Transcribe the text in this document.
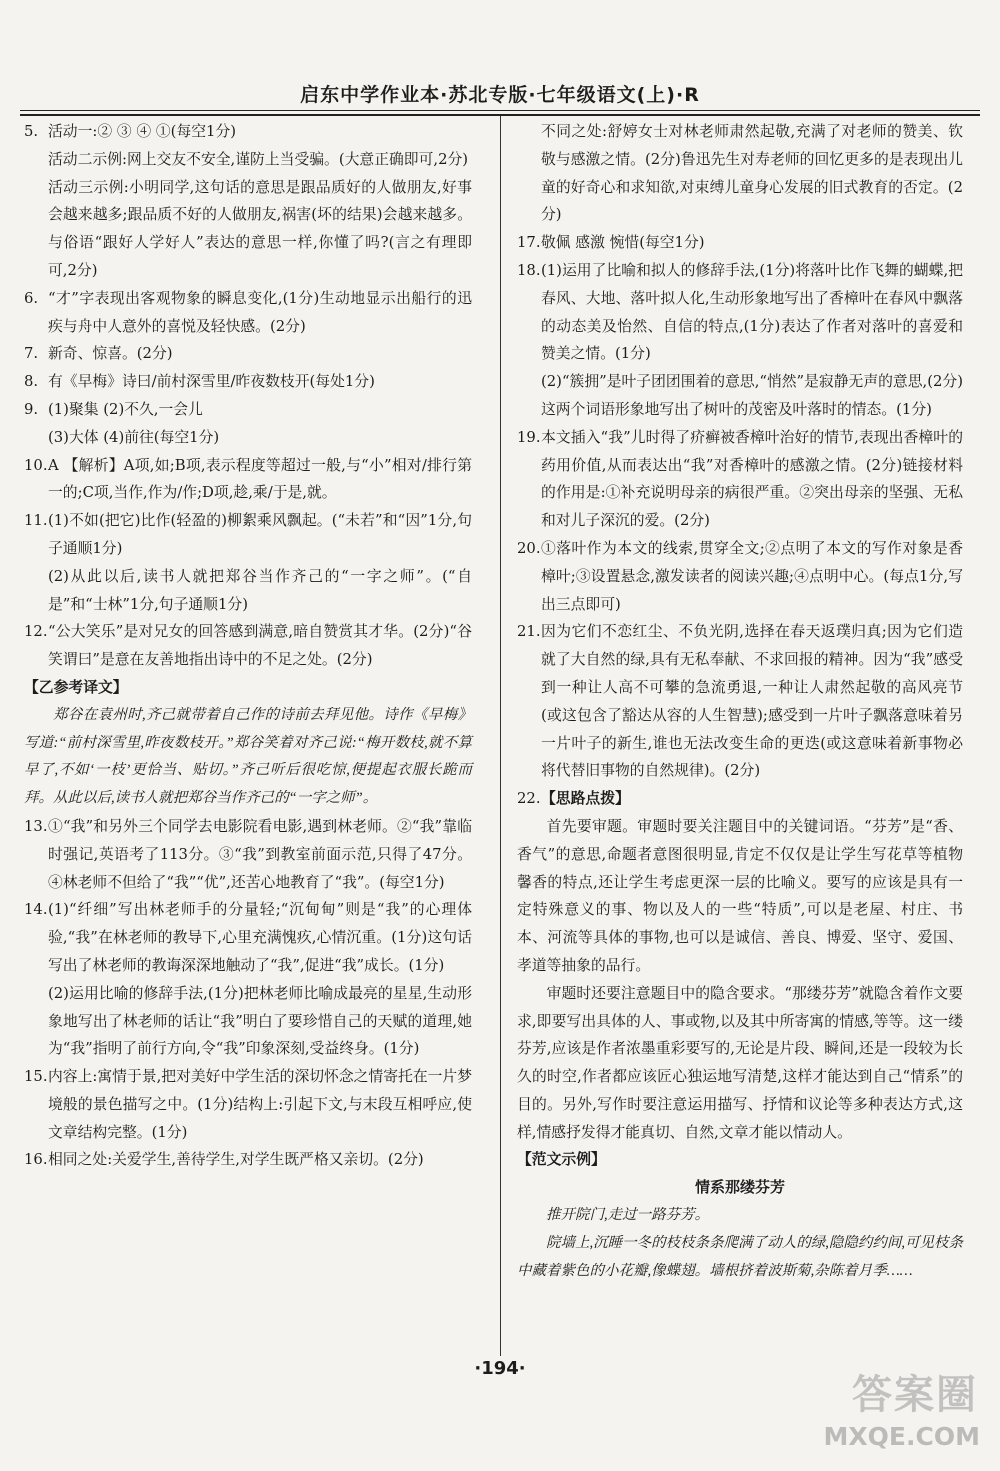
启东中学作业本·苏北专版·七年级语文(上)·R
5. 活动一:② ③ ④ ①(每空1分)
活动二示例:网上交友不安全,谨防上当受骗。(大意正确即可,2分)
活动三示例:小明同学,这句话的意思是跟品质好的人做朋友,好事会越来越多;跟品质不好的人做朋友,祸害(坏的结果)会越来越多。与俗语“跟好人学好人”表达的意思一样,你懂了吗?(言之有理即可,2分)
6. “才”字表现出客观物象的瞬息变化,(1分)生动地显示出船行的迅疾与舟中人意外的喜悦及轻快感。(2分)
7. 新奇、惊喜。(2分)
8. 有《早梅》诗曰/前村深雪里/昨夜数枝开(每处1分)
9. (1)聚集 (2)不久,一会儿
(3)大体 (4)前往(每空1分)
10. A 【解析】A项,如;B项,表示程度等超过一般,与“小”相对/排行第一的;C项,当作,作为/作;D项,趁,乘/于是,就。
11. (1)不如(把它)比作(轻盈的)柳絮乘风飘起。(“未若”和“因”1分,句子通顺1分)
(2)从此以后,读书人就把郑谷当作齐己的“一字之师”。(“自是”和“士林”1分,句子通顺1分)
12. “公大笑乐”是对兄女的回答感到满意,暗自赞赏其才华。(2分)“谷笑谓曰”是意在友善地指出诗中的不足之处。(2分)
【乙参考译文】
郑谷在袁州时,齐己就带着自己作的诗前去拜见他。诗作《早梅》写道:“前村深雪里,昨夜数枝开。”郑谷笑着对齐己说:“梅开数枝,就不算早了,不如‘一枝’更恰当、贴切。”齐己听后很吃惊,便提起衣服长跪而拜。从此以后,读书人就把郑谷当作齐己的“一字之师”。
13. ①“我”和另外三个同学去电影院看电影,遇到林老师。②“我”靠临时强记,英语考了113分。③“我”到教室前面示范,只得了47分。④林老师不但给了“我”“优”,还苦心地教育了“我”。(每空1分)
14. (1)“纤细”写出林老师手的分量轻;“沉甸甸”则是“我”的心理体验,“我”在林老师的教导下,心里充满愧疚,心情沉重。(1分)这句话写出了林老师的教诲深深地触动了“我”,促进“我”成长。(1分)
(2)运用比喻的修辞手法,(1分)把林老师比喻成最亮的星星,生动形象地写出了林老师的话让“我”明白了要珍惜自己的天赋的道理,她为“我”指明了前行方向,令“我”印象深刻,受益终身。(1分)
15. 内容上:寓情于景,把对美好中学生活的深切怀念之情寄托在一片梦境般的景色描写之中。(1分)结构上:引起下文,与末段互相呼应,使文章结构完整。(1分)
16. 相同之处:关爱学生,善待学生,对学生既严格又亲切。(2分)
不同之处:舒婷女士对林老师肃然起敬,充满了对老师的赞美、钦敬与感激之情。(2分)鲁迅先生对寿老师的回忆更多的是表现出儿童的好奇心和求知欲,对束缚儿童身心发展的旧式教育的否定。(2分)
17. 敬佩 感激 惋惜(每空1分)
18. (1)运用了比喻和拟人的修辞手法,(1分)将落叶比作飞舞的蝴蝶,把春风、大地、落叶拟人化,生动形象地写出了香樟叶在春风中飘落的动态美及怡然、自信的特点,(1分)表达了作者对落叶的喜爱和赞美之情。(1分)
(2)“簇拥”是叶子团团围着的意思,“悄然”是寂静无声的意思,(2分)这两个词语形象地写出了树叶的茂密及叶落时的情态。(1分)
19. 本文插入“我”儿时得了疥癣被香樟叶治好的情节,表现出香樟叶的药用价值,从而表达出“我”对香樟叶的感激之情。(2分)链接材料的作用是:①补充说明母亲的病很严重。②突出母亲的坚强、无私和对儿子深沉的爱。(2分)
20. ①落叶作为本文的线索,贯穿全文;②点明了本文的写作对象是香樟叶;③设置悬念,激发读者的阅读兴趣;④点明中心。(每点1分,写出三点即可)
21. 因为它们不恋红尘、不负光阴,选择在春天返璞归真;因为它们造就了大自然的绿,具有无私奉献、不求回报的精神。因为“我”感受到一种让人高不可攀的急流勇退,一种让人肃然起敬的高风亮节(或这包含了豁达从容的人生智慧);感受到一片叶子飘落意味着另一片叶子的新生,谁也无法改变生命的更迭(或这意味着新事物必将代替旧事物的自然规律)。(2分)
22. 【思路点拨】
首先要审题。审题时要关注题目中的关键词语。“芬芳”是“香、香气”的意思,命题者意图很明显,肯定不仅仅是让学生写花草等植物馨香的特点,还让学生考虑更深一层的比喻义。要写的应该是具有一定特殊意义的事、物以及人的一些“特质”,可以是老屋、村庄、书本、河流等具体的事物,也可以是诚信、善良、博爱、坚守、爱国、孝道等抽象的品行。
审题时还要注意题目中的隐含要求。“那缕芬芳”就隐含着作文要求,即要写出具体的人、事或物,以及其中所寄寓的情感,等等。这一缕芬芳,应该是作者浓墨重彩要写的,无论是片段、瞬间,还是一段较为长久的时空,作者都应该匠心独运地写清楚,这样才能达到自己“情系”的目的。另外,写作时要注意运用描写、抒情和议论等多种表达方式,这样,情感抒发得才能真切、自然,文章才能以情动人。
【范文示例】
情系那缕芬芳
推开院门,走过一路芬芳。
院墙上,沉睡一冬的枝枝条条爬满了动人的绿,隐隐约约间,可见枝条中藏着紫色的小花瓣,像蝶翅。墙根挤着波斯菊,杂陈着月季……
·194·
答案圈
MXQE.COM
